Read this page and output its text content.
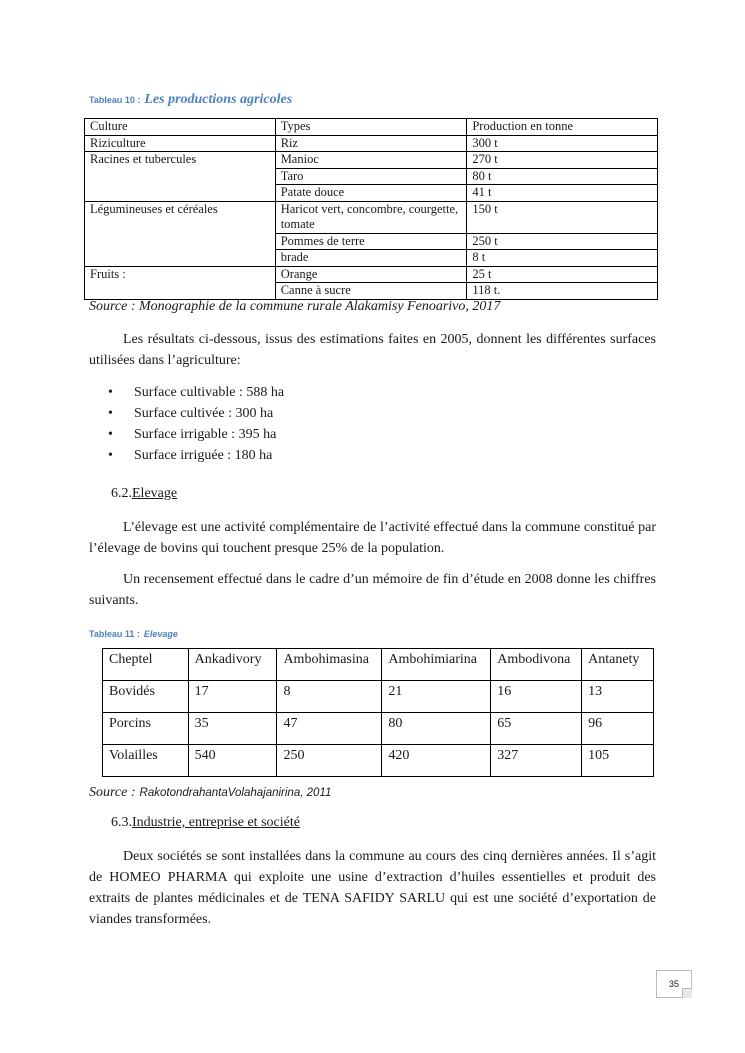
Tableau 10 : Les productions agricoles
Culture	Types	Production en tonne
Riziculture	Riz	300 t
Racines et tubercules	Manioc	270 t
	Taro	80 t
	Patate douce	41 t
Légumineuses et céréales	Haricot vert, concombre, courgette, tomate	150 t
	Pommes de terre	250 t
	brade	8 t
Fruits :	Orange	25 t
	Canne à sucre	118 t.
Source : Monographie de la commune rurale Alakamisy Fenoarivo, 2017
Les résultats ci-dessous, issus des estimations faites en 2005, donnent les différentes surfaces utilisées dans l’agriculture:
• Surface cultivable : 588 ha
• Surface cultivée : 300 ha
• Surface irrigable : 395 ha
• Surface irriguée : 180 ha
6.2.Elevage
L’élevage est une activité complémentaire de l’activité effectué dans la commune constitué par l’élevage de bovins qui touchent presque 25% de la population.
Un recensement effectué dans le cadre d’un mémoire de fin d’étude en 2008 donne les chiffres suivants.
Tableau 11 : Elevage
Cheptel	Ankadivory	Ambohimasina	Ambohimiarina	Ambodivona	Antanety
Bovidés	17	8	21	16	13
Porcins	35	47	80	65	96
Volailles	540	250	420	327	105
Source : RakotondrahantaVolahajanirina, 2011
6.3.Industrie, entreprise et société
Deux sociétés se sont installées dans la commune au cours des cinq dernières années. Il s’agit de HOMEO PHARMA qui exploite une usine d’extraction d’huiles essentielles et produit des extraits de plantes médicinales et de TENA SAFIDY SARLU qui est une société d’exportation de viandes transformées.
35
